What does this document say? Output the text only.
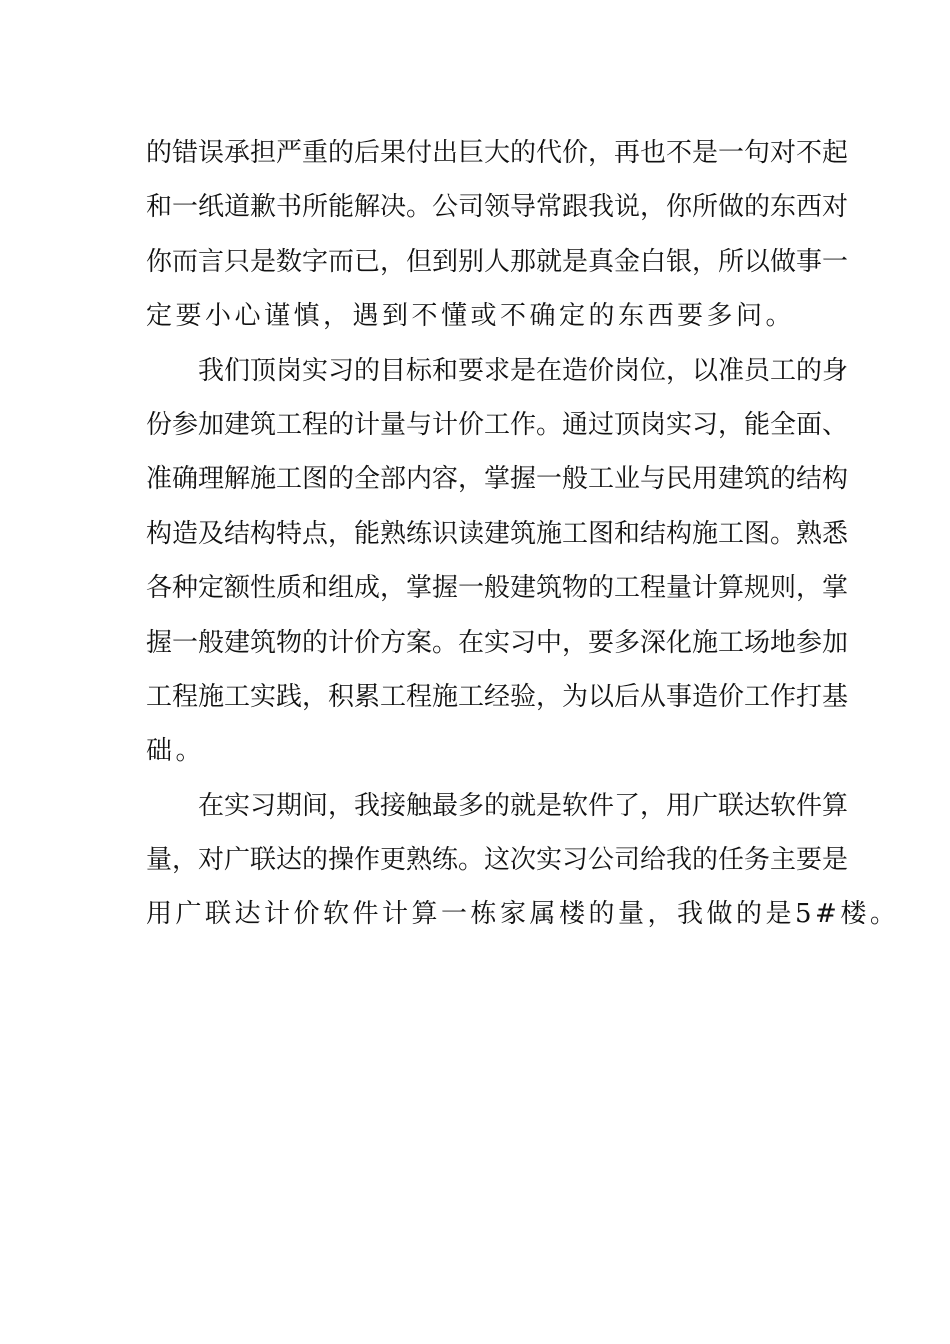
的错误承担严重的后果付出巨大的代价，再也不是一句对不起
和一纸道歉书所能解决。公司领导常跟我说，你所做的东西对
你而言只是数字而已，但到别人那就是真金白银，所以做事一
定要小心谨慎，遇到不懂或不确定的东西要多问。
我们顶岗实习的目标和要求是在造价岗位，以准员工的身
份参加建筑工程的计量与计价工作。通过顶岗实习，能全面、
准确理解施工图的全部内容，掌握一般工业与民用建筑的结构
构造及结构特点，能熟练识读建筑施工图和结构施工图。熟悉
各种定额性质和组成，掌握一般建筑物的工程量计算规则，掌
握一般建筑物的计价方案。在实习中，要多深化施工场地参加
工程施工实践，积累工程施工经验，为以后从事造价工作打基
础。
在实习期间，我接触最多的就是软件了，用广联达软件算
量，对广联达的操作更熟练。这次实习公司给我的任务主要是
用广联达计价软件计算一栋家属楼的量，我做的是5#楼。
